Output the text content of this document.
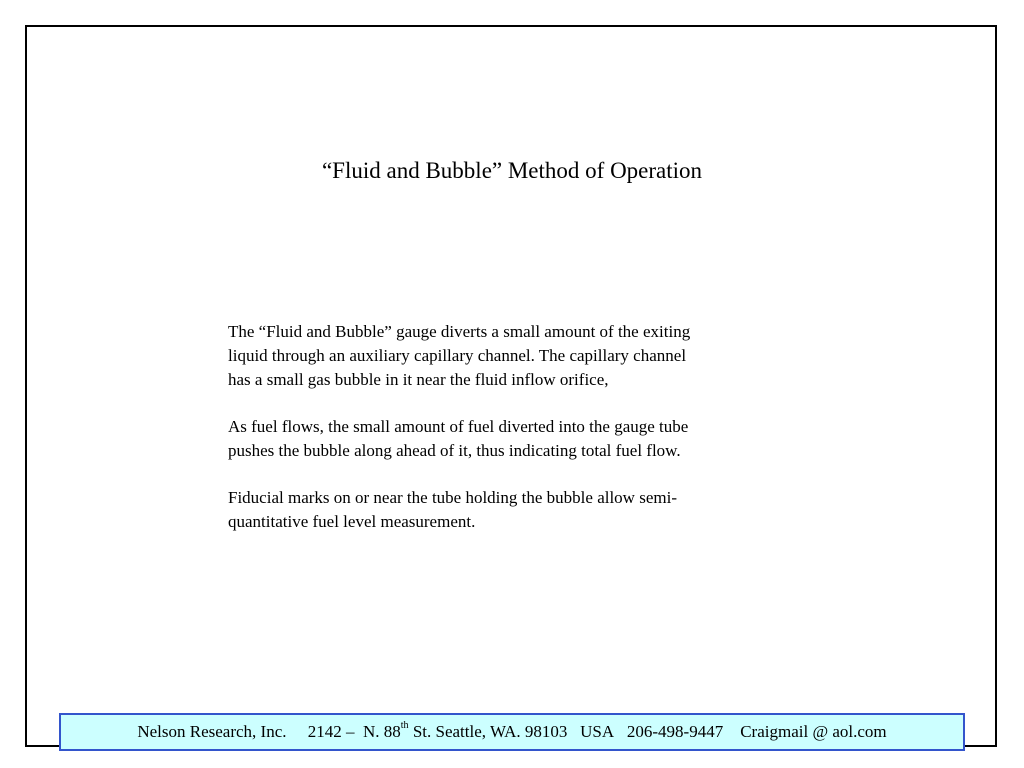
“Fluid and Bubble” Method of Operation

The “Fluid and Bubble” gauge diverts a small amount of the exiting
liquid through an auxiliary capillary channel. The capillary channel
has a small gas bubble in it near the fluid inflow orifice,

As fuel flows, the small amount of fuel diverted into the gauge tube
pushes the bubble along ahead of it, thus indicating total fuel flow.

Fiducial marks on or near the tube holding the bubble allow semi-
quantitative fuel level measurement.

Nelson Research, Inc.
2142 –  N. 88th St. Seattle, WA. 98103   USA
206-498-9447
Craigmail @ aol.com
